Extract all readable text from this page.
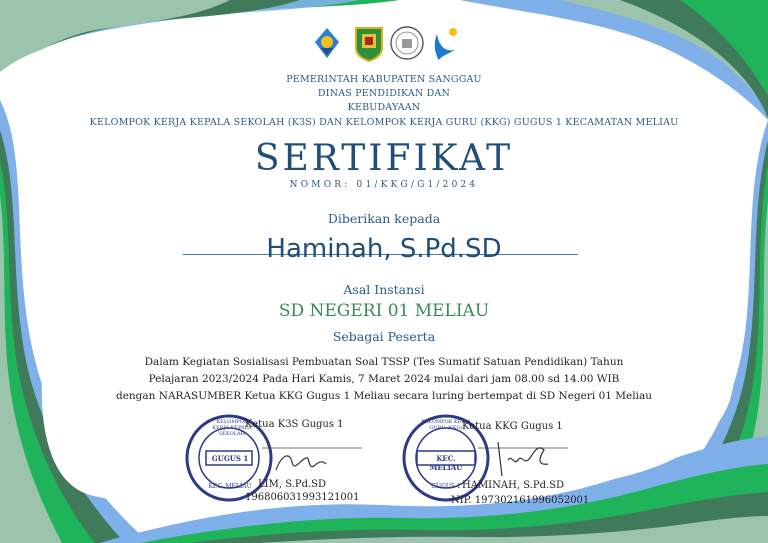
PEMERINTAH KABUPATEN SANGGAU
DINAS PENDIDIKAN DAN
KEBUDAYAAN
KELOMPOK KERJA KEPALA SEKOLAH (K3S) DAN KELOMPOK KERJA GURU (KKG) GUGUS 1 KECAMATAN MELIAU
SERTIFIKAT
NOMOR: 01/KKG/G1/2024
Diberikan kepada
Haminah, S.Pd.SD
Asal Instansi
SD NEGERI 01 MELIAU
Sebagai Peserta
Dalam Kegiatan Sosialisasi Pembuatan Soal TSSP (Tes Sumatif Satuan Pendidikan) Tahun
Pelajaran 2023/2024 Pada Hari Kamis, 7 Maret 2024 mulai dari jam 08.00 sd 14.00 WIB
dengan NARASUMBER Ketua KKG Gugus 1 Meliau secara luring bertempat di SD Negeri 01 Meliau
KELOMPOK KERJA KEPALA SEKOLAH
GUGUS 1
KEC. MELIAU
Ketua K3S Gugus 1
LIM, S.Pd.SD
196806031993121001
KELOMPOK KERJA GURU (KKG)
KEC. MELIAU
GUGUS 1
Ketua KKG Gugus 1
HAMINAH, S.Pd.SD
NIP. 197302161996052001
